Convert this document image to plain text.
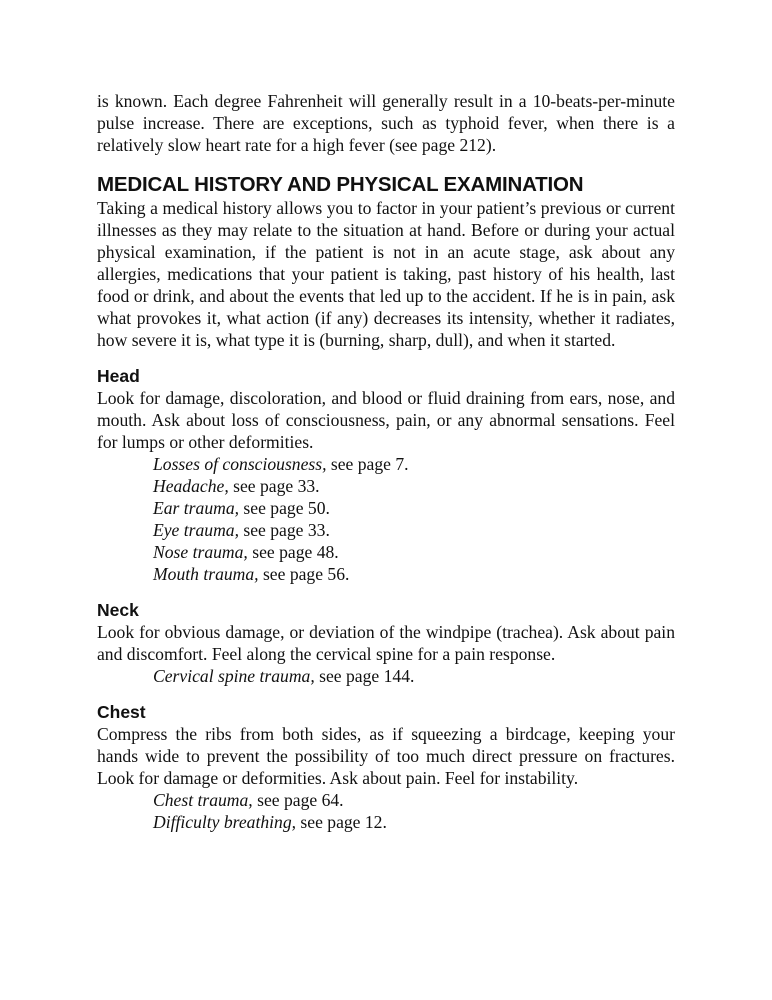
is known. Each degree Fahrenheit will generally result in a 10-beats-per-minute pulse increase. There are exceptions, such as typhoid fever, when there is a relatively slow heart rate for a high fever (see page 212).

MEDICAL HISTORY AND PHYSICAL EXAMINATION

Taking a medical history allows you to factor in your patient’s previous or current illnesses as they may relate to the situation at hand. Before or during your actual physical examination, if the patient is not in an acute stage, ask about any allergies, medications that your patient is taking, past history of his health, last food or drink, and about the events that led up to the accident. If he is in pain, ask what provokes it, what action (if any) decreases its intensity, whether it radiates, how severe it is, what type it is (burning, sharp, dull), and when it started.

Head

Look for damage, discoloration, and blood or fluid draining from ears, nose, and mouth. Ask about loss of consciousness, pain, or any abnormal sensations. Feel for lumps or other deformities.

Losses of consciousness, see page 7.
Headache, see page 33.
Ear trauma, see page 50.
Eye trauma, see page 33.
Nose trauma, see page 48.
Mouth trauma, see page 56.
Neck

Look for obvious damage, or deviation of the windpipe (trachea). Ask about pain and discomfort. Feel along the cervical spine for a pain response.

Cervical spine trauma, see page 144.
Chest

Compress the ribs from both sides, as if squeezing a birdcage, keeping your hands wide to prevent the possibility of too much direct pressure on fractures. Look for damage or deformities. Ask about pain. Feel for instability.

Chest trauma, see page 64.
Difficulty breathing, see page 12.
